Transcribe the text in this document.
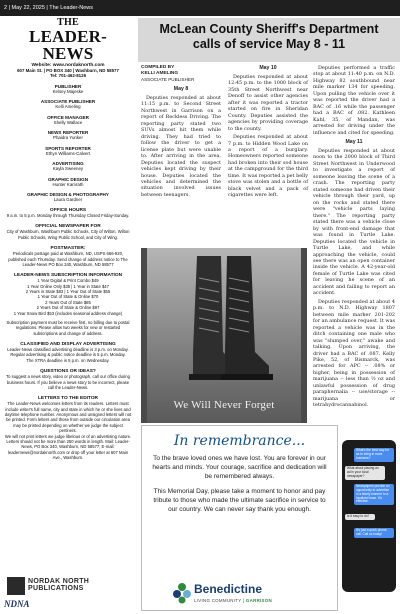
2 | May 22, 2025 | The Leader-News
THE
LEADER-NEWS
Website: www.nordaknorth.com
607 Main St. | PO BOX 340 | Washburn, ND 58577
Tel: 701-462-8126
PUBLISHER
Kelsey Majeske
ASSOCIATE PUBLISHER
Kelli Ameling
OFFICE MANAGER
Shelly Wallace
NEWS REPORTER
Phaidra Yunker
SPORTS REPORTER
Ethyn Williams-Calvert
ADVERTISING
Kayla Sweeney
GRAPHIC DESIGN
Hunter Kamrath
GRAPHIC DESIGN & PHOTOGRAPHY
Laura Gardner
OFFICE HOURS
9 a.m. to 5 p.m. Monday through Thursday Closed Friday-Sunday.
OFFICIAL NEWSPAPER FOR
City of Washburn, Washburn Public Schools, City of Wilton, Wilton Public Schools, Wing Public School, and City of Wing.
POSTMASTER:
Periodicals postage paid at Washburn, ND, USPS 666-920, published each Thursday. Send change of address notice to The Leader-News PO Box 340, Washburn, ND 58577
LEADER-NEWS SUBSCRIPTION INFORMATION

1 Year Digital & Print Combo $49

1 Year Online Only $35 | 1 Year in State $47

2 Years in State $83 | 1 Year Out of State $55

1 Year Out of State & Online $70

2 Years Out of State $85

2 Years Out of State & Online $97

1 Year Snow Bird $53 (includes seasonal address change)

Subscription payment must be receive first, no billing due to postal regulations. Please allow two weeks for new or restarted subscriptions and change of address.
CLASSIFIED AND DISPLAY ADVERTISING
Leader-News classified advertising deadline is 3 p.m. on Monday. Regular advertising & public notice deadline is 5 p.m. Monday.
The XTRA deadline is 5 p.m. on Wednesday.
QUESTIONS OR IDEAS?
To suggest a news story, video or photograph, call our office during business hours. If you believe a news story to be incorrect, please call the Leader-News.
LETTERS TO THE EDITOR
The Leader-News welcomes letters from its readers. Letters must include writer's full name, city and state in which he or she lives and daytime telephone number. Anonymous and unsigned letters will not be printed. Form letters and those from outside our circulation area may be printed depending on whether we judge the subject pertinent.
We will not print letters we judge libelous or of an advertising nature.
Letters should not be more than 250 words in length. Mail: Leader-News, PO Box 340, Washburn, ND 58577; E-mail: leadernews@nordaknorth.com or drop off your letter at 607 Main Ave., Washburn.
NORDAK NORTH
PUBLICATIONS
NDNA
McLean County Sheriff's Department
calls of service May 8 - 11
COMPILED BY
KELLI AMELING
ASSOCIATE PUBLISHER
May 8

Deputies responded at about 11:15 p.m. to Second Street Northwest in Garrison on a report of Reckless Driving. The reporting party stated two SUVs almost hit them while driving. They had tried to follow the driver to get a license plate but were unable to. After arriving in the area, Deputies located the suspect vehicles kept driving by their house. Deputies located the vehicles and determined the situation involved issues between teenagers.

May 10

Deputies responded at about 12:45 p.m. to the 1000 block of 35th Street Northwest near Denoff to assist other agencies after it was reported a tractor started on fire in Sheridan County. Deputies assisted the agencies by providing coverage to the county.

Deputies responded at about 7 p.m. to Hidden Wood Lake on a report of a burglary. Homeowners reported someone had broken into their sod house at the campground for the third time. It was reported a pet belly stove was stolen and a bottle of black velvet and a pack of cigarettes were left.

Deputies performed a traffic stop at about 11:40 p.m. on N.D. Highway 82 southbound near mile marker 134 for speeding. Upon pulling the vehicle over it was reported the driver had a BAC of .16 while the passenger had a BAC of .082. Kathleen Kahl, 35, of Mandan, was arrested for driving under the influence and cited for speeding.

May 11

Deputies responded at about noon to the 2000 block of Third Street Northwest in Underwood to investigate a report of someone leaving the scene of a crash. The reporting party stated someone had driven their vehicle through their yard, up on the rocks and stated there were "vehicle parts laying there." The reporting party stated there was a vehicle close by with front-end damage that was found in Turtle Lake. Deputies located the vehicle in Turtle Lake, and while approaching the vehicle, could see there was an open container inside the vehicle. A 42-year-old female of Turtle Lake was cited for leaving he scene of an accident and failing to report an accident.

Deputies responded at about 4 p.m. to N.D. Highway 1807 between mile marker 201-202 for an ambulance request. It was reported a vehicle was in the ditch containing one male who was "slumped over," awake and talking. Upon arriving, the driver had a BAC of .087. Kelly Pike, 52, of Bismarck, was arrested for APC -- .08% or higher, being in possession of marijuana -- less than ½ oz and unlawful possession of drug paraphernalia -- use/storage -- marijuana or tetrahydrocannabinol.

We Will Never Forget
What's the best way for us to bring in more business?
What about placing an ad in your local newspaper?
Newspapers provide an opportunity to advertise in a timely manner to a localized base. It's effective.
Is it easy to do?
It's just a quick phone call. Call us today!
In remembrance...
To the brave loved ones we have lost. You are forever in our hearts and minds. Your courage, sacrifice and dedication will be remembered always.
This Memorial Day, please take a moment to honor and pay tribute to those who made the ultimate sacrifice in service to our country. We can never say thank you enough.
Benedictine
LIVING COMMUNITY | GARRISON
